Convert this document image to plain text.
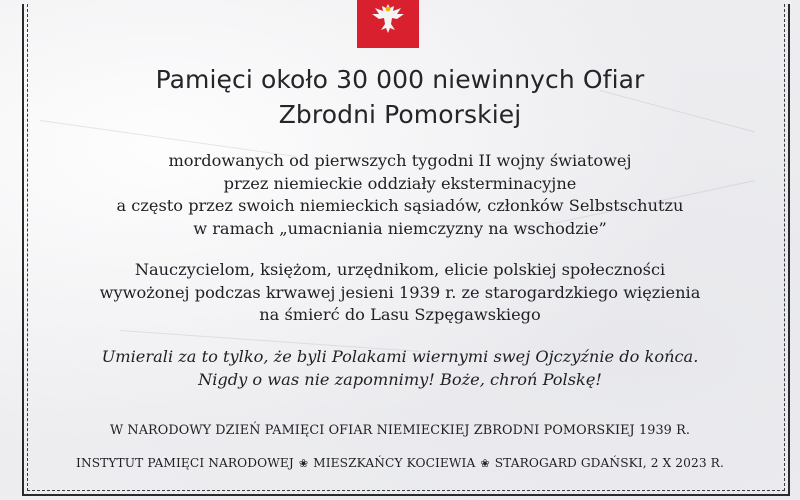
Pamięci około 30 000 niewinnych Ofiar
Zbrodni Pomorskiej
mordowanych od pierwszych tygodni II wojny światowej
przez niemieckie oddziały eksterminacyjne
a często przez swoich niemieckich sąsiadów, członków Selbstschutzu
w ramach „umacniania niemczyzny na wschodzie”
Nauczycielom, księżom, urzędnikom, elicie polskiej społeczności
wywożonej podczas krwawej jesieni 1939 r. ze starogardzkiego więzienia
na śmierć do Lasu Szpęgawskiego
Umierali za to tylko, że byli Polakami wiernymi swej Ojczyźnie do końca.
Nigdy o was nie zapomnimy! Boże, chroń Polskę!
W NARODOWY DZIEŃ PAMIĘCI OFIAR NIEMIECKIEJ ZBRODNI POMORSKIEJ 1939 R.
INSTYTUT PAMIĘCI NARODOWEJ ❀ MIESZKAŃCY KOCIEWIA ❀ STAROGARD GDAŃSKI, 2 X 2023 R.
